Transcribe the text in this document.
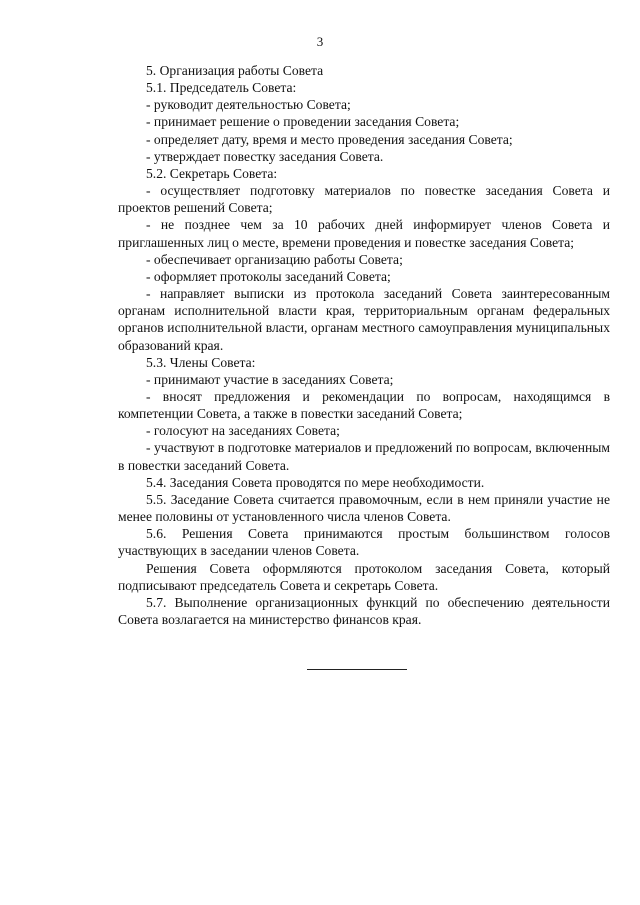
3

5. Организация работы Совета

5.1. Председатель Совета:

- руководит деятельностью Совета;

- принимает решение о проведении заседания Совета;

- определяет дату, время и место проведения заседания Совета;

- утверждает повестку заседания Совета.

5.2. Секретарь Совета:

- осуществляет подготовку материалов по повестке заседания Совета и проектов решений Совета;

- не позднее чем за 10 рабочих дней информирует членов Совета и приглашенных лиц о месте, времени проведения и повестке заседания Совета;

- обеспечивает организацию работы Совета;

- оформляет протоколы заседаний Совета;

- направляет выписки из протокола заседаний Совета заинтересованным органам исполнительной власти края, территориальным органам федеральных органов исполнительной власти, органам местного самоуправления муниципальных образований края.

5.3. Члены Совета:

- принимают участие в заседаниях Совета;

- вносят предложения и рекомендации по вопросам, находящимся в компетенции Совета, а также в повестки заседаний Совета;

- голосуют на заседаниях Совета;

- участвуют в подготовке материалов и предложений по вопросам, включенным в повестки заседаний Совета.

5.4. Заседания Совета проводятся по мере необходимости.

5.5. Заседание Совета считается правомочным, если в нем приняли участие не менее половины от установленного числа членов Совета.

5.6. Решения Совета принимаются простым большинством голосов участвующих в заседании членов Совета.

Решения Совета оформляются протоколом заседания Совета, который подписывают председатель Совета и секретарь Совета.

5.7. Выполнение организационных функций по обеспечению деятельности Совета возлагается на министерство финансов края.
